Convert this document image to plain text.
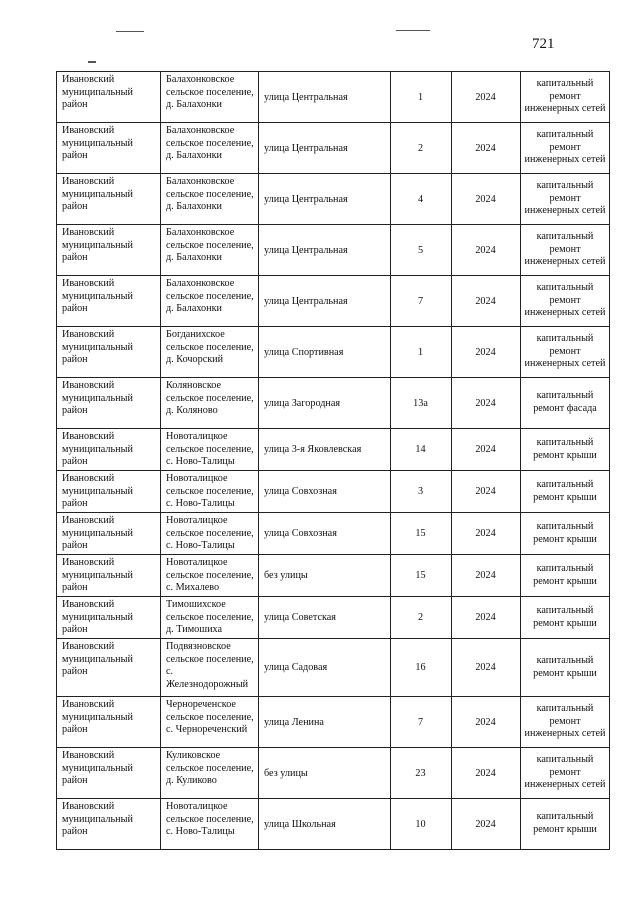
721
Ивановский муниципальный район	Балахонковское сельское поселение, д. Балахонки	улица Центральная	1	2024	капитальный ремонт инженерных сетей
Ивановский муниципальный район	Балахонковское сельское поселение, д. Балахонки	улица Центральная	2	2024	капитальный ремонт инженерных сетей
Ивановский муниципальный район	Балахонковское сельское поселение, д. Балахонки	улица Центральная	4	2024	капитальный ремонт инженерных сетей
Ивановский муниципальный район	Балахонковское сельское поселение, д. Балахонки	улица Центральная	5	2024	капитальный ремонт инженерных сетей
Ивановский муниципальный район	Балахонковское сельское поселение, д. Балахонки	улица Центральная	7	2024	капитальный ремонт инженерных сетей
Ивановский муниципальный район	Богданихское сельское поселение, д. Кочорский	улица Спортивная	1	2024	капитальный ремонт инженерных сетей
Ивановский муниципальный район	Коляновское сельское поселение, д. Коляново	улица Загородная	13а	2024	капитальный ремонт фасада
Ивановский муниципальный район	Новоталицкое сельское поселение, с. Ново-Талицы	улица 3-я Яковлевская	14	2024	капитальный ремонт крыши
Ивановский муниципальный район	Новоталицкое сельское поселение, с. Ново-Талицы	улица Совхозная	3	2024	капитальный ремонт крыши
Ивановский муниципальный район	Новоталицкое сельское поселение, с. Ново-Талицы	улица Совхозная	15	2024	капитальный ремонт крыши
Ивановский муниципальный район	Новоталицкое сельское поселение, с. Михалево	без улицы	15	2024	капитальный ремонт крыши
Ивановский муниципальный район	Тимошихское сельское поселение, д. Тимошиха	улица Советская	2	2024	капитальный ремонт крыши
Ивановский муниципальный район	Подвязновское сельское поселение, с. Железнодорожный	улица Садовая	16	2024	капитальный ремонт крыши
Ивановский муниципальный район	Чернореченское сельское поселение, с. Чернореченский	улица Ленина	7	2024	капитальный ремонт инженерных сетей
Ивановский муниципальный район	Куликовское сельское поселение, д. Куликово	без улицы	23	2024	капитальный ремонт инженерных сетей
Ивановский муниципальный район	Новоталицкое сельское поселение, с. Ново-Талицы	улица Школьная	10	2024	капитальный ремонт крыши
